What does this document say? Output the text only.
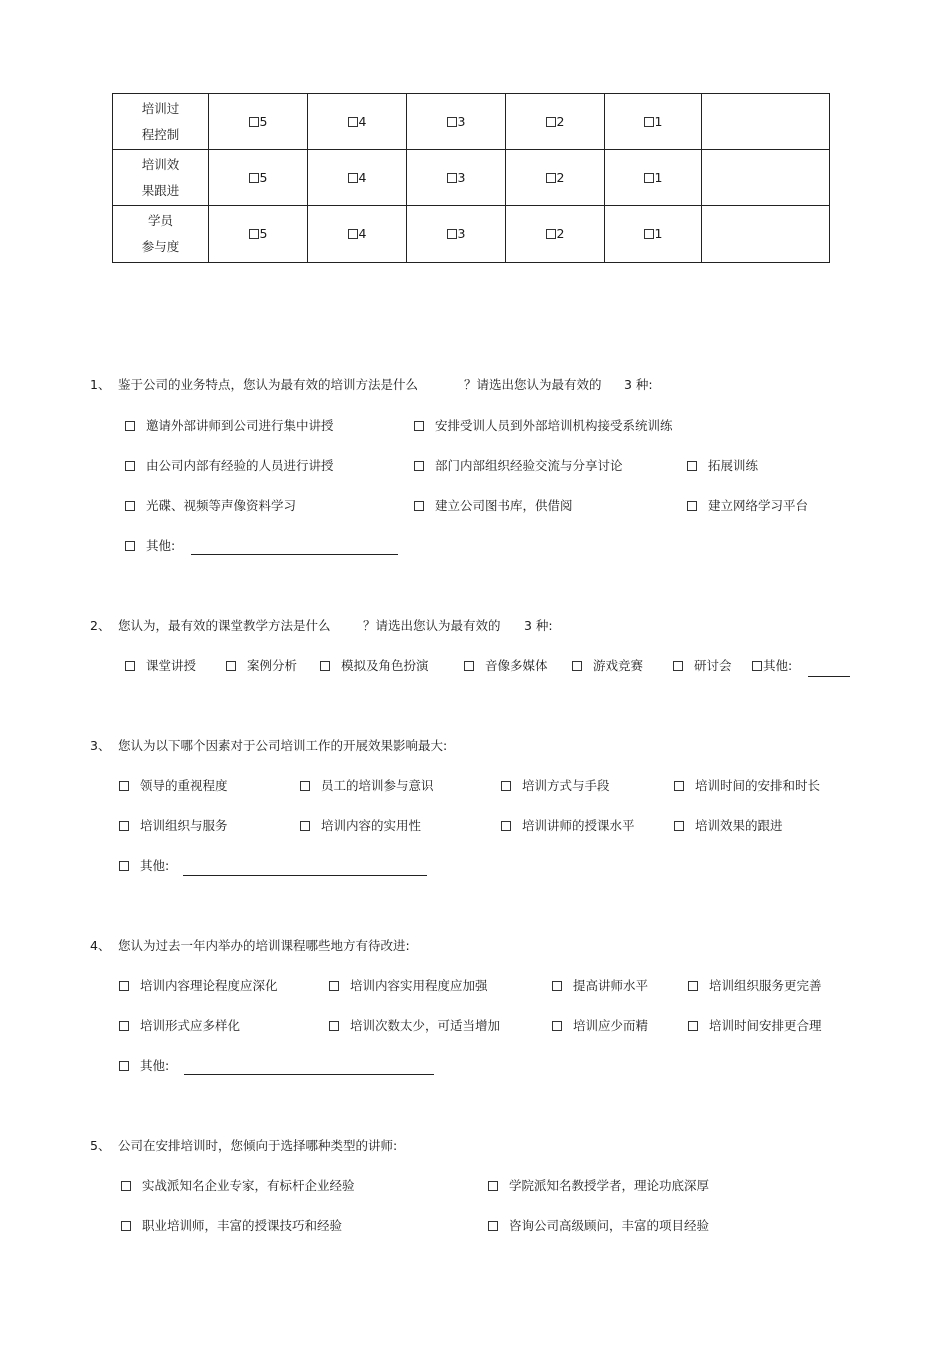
培训过
程控制	5	4	3	2	1	

培训效
果跟进	5	4	3	2	1	

学员
参与度	5	4	3	2	1	
1、 鉴于公司的业务特点，您认为最有效的培训方法是什么	？请选出您认为最有效的 3 种:
邀请外部讲师到公司进行集中讲授	安排受训人员到外部培训机构接受系统训练
由公司内部有经验的人员进行讲授	部门内部组织经验交流与分享讨论	拓展训练
光碟、视频等声像资料学习	建立公司图书库，供借阅	建立网络学习平台
其他:
2、 您认为，最有效的课堂教学方法是什么	？请选出您认为最有效的 3 种:
课堂讲授	案例分析	模拟及角色扮演	音像多媒体	游戏竞赛	研讨会	其他:
3、 您认为以下哪个因素对于公司培训工作的开展效果影响最大:
领导的重视程度	员工的培训参与意识	培训方式与手段	培训时间的安排和时长
培训组织与服务	培训内容的实用性	培训讲师的授课水平	培训效果的跟进
其他:
4、 您认为过去一年内举办的培训课程哪些地方有待改进:
培训内容理论程度应深化	培训内容实用程度应加强	提高讲师水平	培训组织服务更完善
培训形式应多样化	培训次数太少，可适当增加	培训应少而精	培训时间安排更合理
其他:
5、 公司在安排培训时，您倾向于选择哪种类型的讲师:
实战派知名企业专家，有标杆企业经验	学院派知名教授学者，理论功底深厚
职业培训师，丰富的授课技巧和经验	咨询公司高级顾问，丰富的项目经验
